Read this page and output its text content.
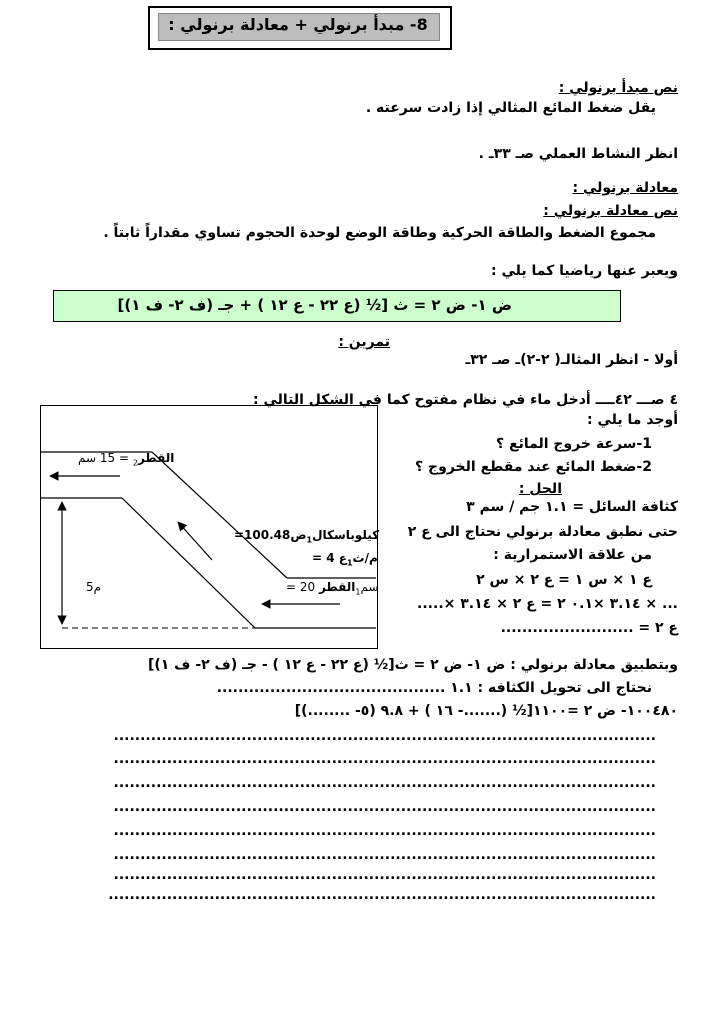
8- مبدأ برنولي + معادلة برنولي :
نص مبدأ برنولي :
يقل ضغط المائع المثالي إذا زادت سرعته .
انظر النشاط العملي صـ ٣٣ـ .
معادلة برنولي :
نص معادلة برنولي :
مجموع الضغط والطاقة الحركية وطاقة الوضع لوحدة الحجوم تساوي مقداراً ثابتاً .
ويعبر عنها رياضيا كما يلي :
ض ١- ض ٢ = ث [½ (ع ٢٢ - ع ١٢ ) + جـ (ف ٢- ف ١)]
تمرين :
أولا - انظر المثالـ( ٢-٢)ـ صـ ٣٢ـ
٤ صـــ ٤٢ــــ أدخل ماء في نظام مفتوح كما في الشكل التالي :
أوجد ما يلي :
1-سرعة خروج المائع ؟
2-ضغط المائع عند مقطع الخروج ؟
الحل :
كثافة السائل = ١.١ جم / سم ٣
حتى نطبق معادلة برنولي نحتاج الى ع ٢
من علاقة الاستمرارية :
ع ١ × س ١ = ع ٢ × س ٢
... × ٣.١٤ ×٠.١ ٢ = ع ٢ × ٣.١٤ ×.....
ع ٢ = .........................
= 15 سم $_2$القطر
=100.48كيلوباسكال$_1$ض
= 4 م/ث$_1$ع
= 20 سم$_1$القطر
5م
وبتطبيق معادلة برنولي : ض ١- ض ٢ = ث[½ (ع ٢٢ - ع ١٢ ) - جـ (ف ٢- ف ١)]
نحتاج الى تحويل الكثافه : ١.١ ...........................................
١٠٠٤٨٠- ض ٢ =١١٠٠[½ (.......- ١٦ ) + ٩.٨ (٥- ........)]
......................................................................................................
......................................................................................................
......................................................................................................
......................................................................................................
......................................................................................................
......................................................................................................
......................................................................................................
.......................................................................................................
